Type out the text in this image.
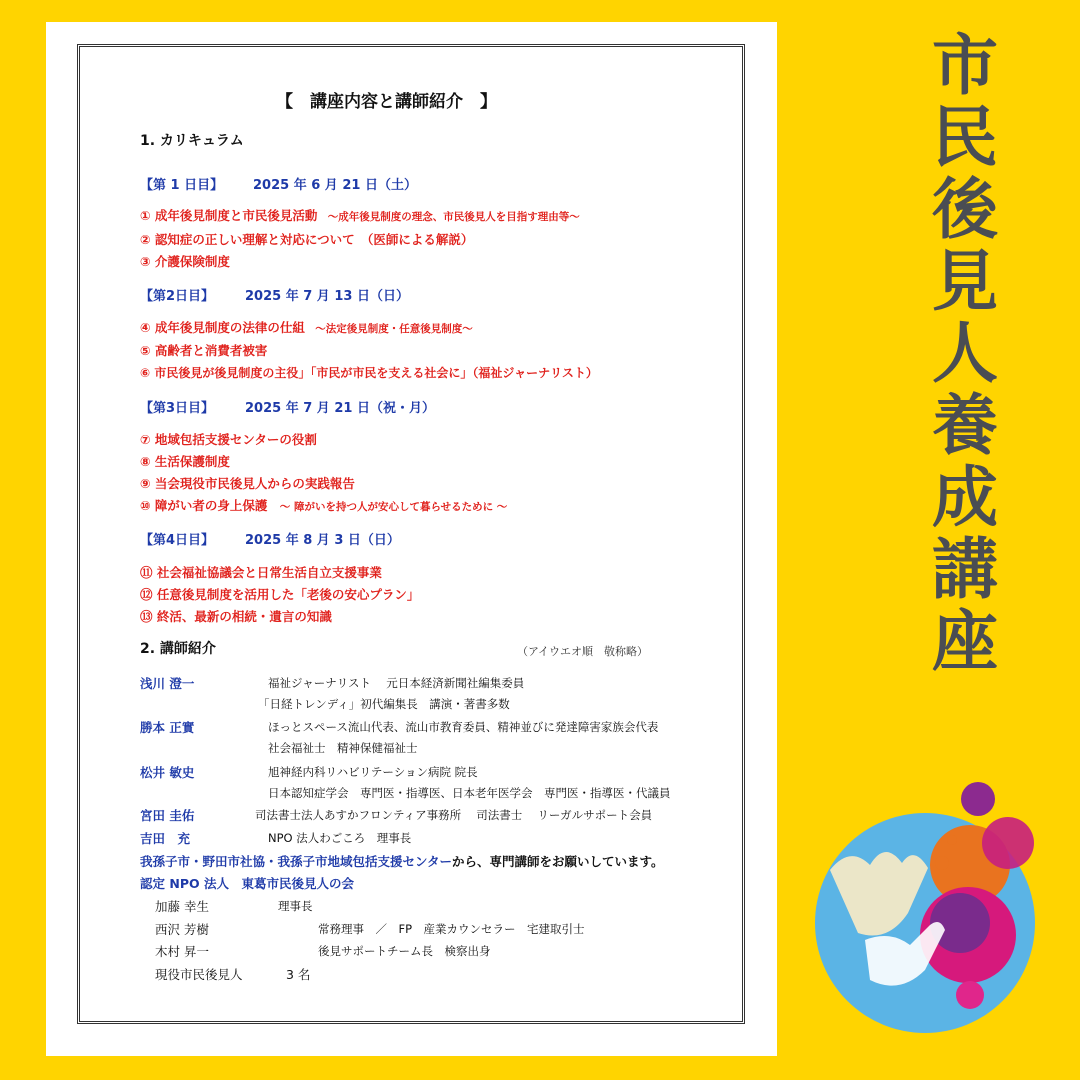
【　講座内容と講師紹介　】
1. カリキュラム
【第 1 日目】 2025 年 6 月 21 日（土）
① 成年後見制度と市民後見活動 ～成年後見制度の理念、市民後見人を目指す理由等～
② 認知症の正しい理解と対応について　（医師による解説）
③ 介護保険制度
【第2日目】 2025 年 7 月 13 日（日）
④ 成年後見制度の法律の仕組 ～法定後見制度・任意後見制度～
⑤ 高齢者と消費者被害
⑥ 市民後見が後見制度の主役」「市民が市民を支える社会に」（福祉ジャーナリスト）
【第3日目】 2025 年 7 月 21 日（祝・月）
⑦ 地域包括支援センターの役割
⑧ 生活保護制度
⑨ 当会現役市民後見人からの実践報告
⑩ 障がい者の身上保護 ～ 障がいを持つ人が安心して暮らせるために ～
【第4日目】 2025 年 8 月 3 日（日）
⑪ 社会福祉協議会と日常生活自立支援事業
⑫ 任意後見制度を活用した「老後の安心プラン」
⑬ 終活、最新の相続・遺言の知識
2. 講師紹介	（アイウエオ順　敬称略）
浅川 澄一	福祉ジャーナリスト　 元日本経済新聞社編集委員
「日経トレンディ」初代編集長　講演・著書多数
勝本 正實	ほっとスペース流山代表、流山市教育委員、精神並びに発達障害家族会代表
社会福祉士　精神保健福祉士
松井 敏史	旭神経内科リハビリテーション病院 院長
日本認知症学会　専門医・指導医、日本老年医学会　専門医・指導医・代議員
宮田 圭佑	司法書士法人あすかフロンティア事務所　 司法書士　 リーガルサポート会員
吉田　充	NPO 法人わごころ　理事長
我孫子市・野田市社協・我孫子市地域包括支援センターから、専門講師をお願いしています。
認定 NPO 法人　東葛市民後見人の会
加藤 幸生	理事長
西沢 芳樹	常務理事　／　FP　産業カウンセラー　宅建取引士
木村 昇一	後見サポートチーム長　検察出身
現役市民後見人	3 名
市
民
後
見
人
養
成
講
座
